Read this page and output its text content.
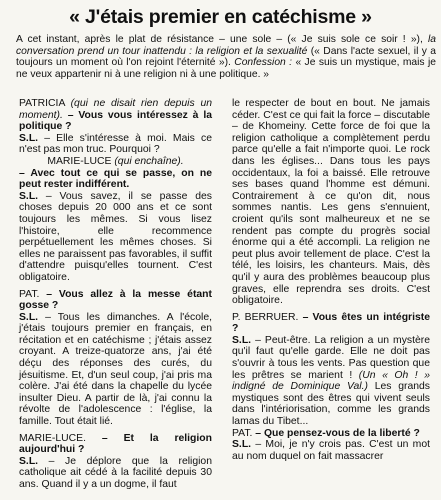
« J'étais premier en catéchisme »
A cet instant, après le plat de résistance – une sole – (« Je suis sole ce soir ! »), la conversation prend un tour inattendu : la religion et la sexualité (« Dans l'acte sexuel, il y a toujours un moment où l'on rejoint l'éternité »). Confession : « Je suis un mystique, mais je ne veux appartenir ni à une religion ni à une politique. »

PATRICIA (qui ne disait rien depuis un moment). – Vous vous intéressez à la politique ?

S.L. – Elle s'intéresse à moi. Mais ce n'est pas mon truc. Pourquoi ?

MARIE-LUCE (qui enchaîne).

– Avec tout ce qui se passe, on ne peut rester indifférent.

S.L. – Vous savez, il se passe des choses depuis 20 000 ans et ce sont toujours les mêmes. Si vous lisez l'histoire, elle recommence perpétuellement les mêmes choses. Si elles ne paraissent pas favorables, il suffit d'attendre puisqu'elles tournent. C'est obligatoire.

PAT. – Vous allez à la messe étant gosse ?

S.L. – Tous les dimanches. A l'école, j'étais toujours premier en français, en récitation et en catéchisme ; j'étais assez croyant. A treize-quatorze ans, j'ai été déçu des réponses des curés, du jésuitisme. Et, d'un seul coup, j'ai pris ma colère. J'ai été dans la chapelle du lycée insulter Dieu. A partir de là, j'ai connu la révolte de l'adolescence : l'église, la famille. Tout était lié.

MARIE-LUCE. – Et la religion aujourd'hui ?

S.L. – Je déplore que la religion catholique ait cédé à la facilité depuis 30 ans. Quand il y a un dogme, il faut

le respecter de bout en bout. Ne jamais céder. C'est ce qui fait la force – discutable – de Khomeiny. Cette force de foi que la religion catholique a complètement perdu parce qu'elle a fait n'importe quoi. Le rock dans les églises... Dans tous les pays occidentaux, la foi a baissé. Elle retrouve ses bases quand l'homme est démuni. Contrairement à ce qu'on dit, nous sommes nantis. Les gens s'ennuient, croient qu'ils sont malheureux et ne se rendent pas compte du progrès social énorme qui a été accompli. La religion ne peut plus avoir tellement de place. C'est la télé, les loisirs, les chanteurs. Mais, dès qu'il y aura des problèmes beaucoup plus graves, elle reprendra ses droits. C'est obligatoire.

P. BERRUER. – Vous êtes un intégriste ?

S.L. – Peut-être. La religion a un mystère qu'il faut qu'elle garde. Elle ne doit pas s'ouvrir à tous les vents. Pas question que les prêtres se marient ! (Un « Oh ! » indigné de Dominique Val.) Les grands mystiques sont des êtres qui vivent seuls dans l'intériorisation, comme les grands lamas du Tibet...

PAT. – Que pensez-vous de la liberté ?

S.L. – Moi, je n'y crois pas. C'est un mot au nom duquel on fait massacrer
